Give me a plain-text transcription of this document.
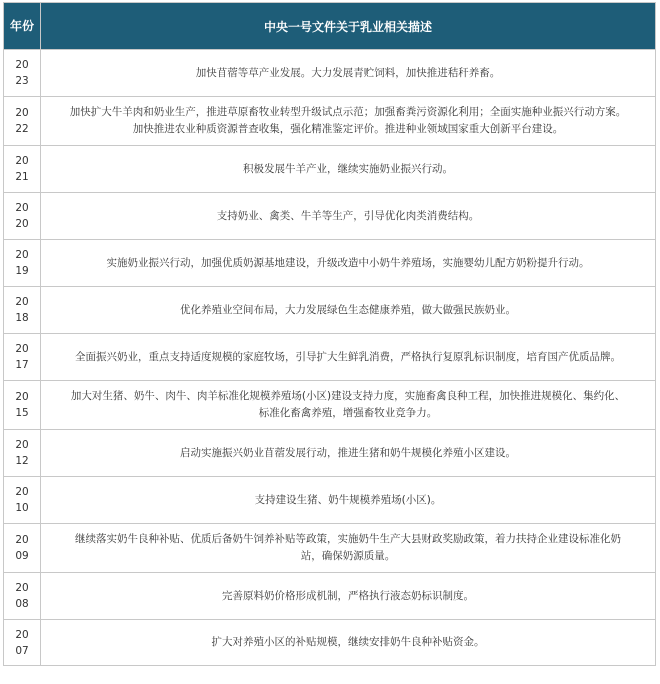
年份	中央一号文件关于乳业相关描述
20
23	加快苜蓿等草产业发展。大力发展青贮饲料，加快推进秸秆养畜。
20
22	加快扩大牛羊肉和奶业生产，推进草原畜牧业转型升级试点示范；加强畜粪污资源化利用；全面实施种业振兴行动方案。加快推进农业种质资源普查收集，强化精准鉴定评价。推进种业领域国家重大创新平台建设。
20
21	积极发展牛羊产业，继续实施奶业振兴行动。
20
20	支持奶业、禽类、牛羊等生产，引导优化肉类消费结构。
20
19	实施奶业振兴行动，加强优质奶源基地建设，升级改造中小奶牛养殖场，实施婴幼儿配方奶粉提升行动。
20
18	优化养殖业空间布局，大力发展绿色生态健康养殖，做大做强民族奶业。
20
17	全面振兴奶业，重点支持适度规模的家庭牧场，引导扩大生鲜乳消费，严格执行复原乳标识制度，培育国产优质品牌。
20
15	加大对生猪、奶牛、肉牛、肉羊标准化规模养殖场(小区)建设支持力度，实施畜禽良种工程，加快推进规模化、集约化、标准化畜禽养殖，增强畜牧业竞争力。
20
12	启动实施振兴奶业苜蓿发展行动，推进生猪和奶牛规模化养殖小区建设。
20
10	支持建设生猪、奶牛规模养殖场(小区)。
20
09	继续落实奶牛良种补贴、优质后备奶牛饲养补贴等政策，实施奶牛生产大县财政奖励政策，着力扶持企业建设标准化奶站，确保奶源质量。
20
08	完善原料奶价格形成机制，严格执行液态奶标识制度。
20
07	扩大对养殖小区的补贴规模，继续安排奶牛良种补贴资金。
